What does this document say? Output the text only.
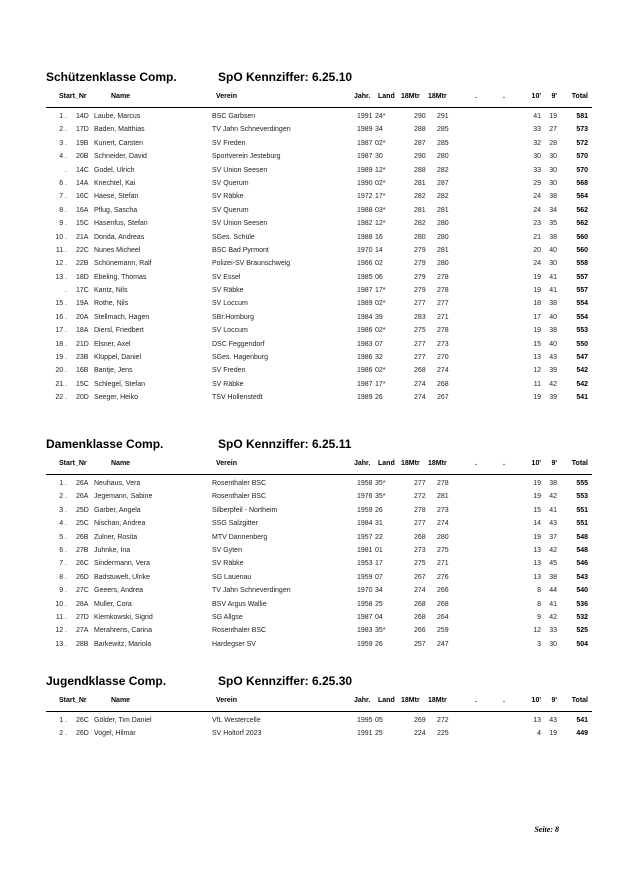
Schützenklasse Comp.	SpO Kennziffer: 6.25.10
Start_Nr	Name	Verein	Jahr. Land 18Mtr 18Mtr	.	.	10' 9' Total
1 . 14D Laube, Marcus	BSC Garbsen	1991 24*	290 291	41 19	581
2 . 17D Baden, Matthias	TV Jahn Schneverdingen	1989 34	288 285	33 27	573
3 . 19B Kunert, Carsten	SV Freden	1987 02*	287 285	32 28	572
4 . 20B Schneider, David	Sportverein Jesteburg	1987 30	290 280	30 30	570
. 14C Godel, Ulrich	SV Union Seesen	1989 12*	288 282	33 30	570
6 . 14A Knechtel, Kai	SV Querum	1990 02*	281 287	29 30	568
7 . 16C Haese, Stefan	SV Räbke	1972 17*	282 282	24 38	564
8 . 16A Pflug, Sascha	SV Querum	1988 03*	281 281	24 34	562
9 . 15C Hasenfus, Stefan	SV Union Seesen	1982 12*	282 280	23 35	562
10 . 21A Donda, Andreas	SGes. Schüle	1988 16	280 280	21 38	560
11 . 22C Nunes Micheel	BSC Bad Pyrmont	1970 14	279 281	20 40	560
12 . 22B Schünemann, Ralf	Polizei-SV Braunschweig	1966 02	279 280	24 30	558
13 . 18D Ebeling, Thomas	SV Essel	1985 06	279 278	19 41	557
. 17C Kantz, Nils	SV Räbke	1987 17*	279 278	19 41	557
15 . 19A Rothe, Nils	SV Loccum	1989 02*	277 277	18 38	554
16 . 20A Stellmach, Hagen	SBr.Homburg	1984 39	283 271	17 40	554
17 . 18A Diersl, Friedbert	SV Loccum	1986 02*	275 278	19 38	553
18 . 21D Elsner, Axel	DSC Feggendorf	1983 07	277 273	15 40	550
19 . 23B Klüppel, Daniel	SGes. Hagenburg	1986 32	277 270	13 43	547
20 . 16B Bantje, Jens	SV Freden	1986 02*	268 274	12 39	542
21 . 15C Schlegel, Stefan	SV Räbke	1987 17*	274 268	11 42	542
22 . 20D Seeger, Heiko	TSV Hollenstedt	1989 26	274 267	19 39	541
Damenklasse Comp.	SpO Kennziffer: 6.25.11
Start_Nr	Name	Verein	Jahr. Land 18Mtr 18Mtr	.	.	10' 9' Total
1 . 26A Neuhaus, Vera	Rosenthaler BSC	1958 35*	277 278	19 38	555
2 . 26A Jegemann, Sabine	Rosenthaler BSC	1976 35*	272 281	19 42	553
3 . 25D Garber, Angela	Silberpfeil - Northeim	1959 26	278 273	15 41	551
4 . 25C Nischan, Andrea	SSG Salzgitter	1984 31	277 274	14 43	551
5 . 26B Zulner, Rosita	MTV Dannenberg	1957 22	268 280	19 37	548
6 . 27B Juhnke, Ina	SV Gyten	1981 01	273 275	13 42	548
7 . 26C Sindermann, Vera	SV Räbke	1953 17	275 271	13 45	546
8 . 26D Badstuwelt, Ulrike	SG Lauenau	1959 07	267 276	13 38	543
9 . 27C Geeers, Andrea	TV Jahn Schneverdingen	1970 34	274 266	8 44	540
10 . 28A Muller, Cora	BSV Argus Wallie	1958 25	268 268	8 41	536
11 . 27D Kiemkowski, Sigrid	SG Allgse	1987 04	268 264	9 42	532
12 . 27A Merahrens, Carina	Rosenthaler BSC	1983 35*	266 259	12 33	525
13 . 28B Barkewitz, Mariola	Hardegser SV	1959 26	257 247	3 30	504
Jugendklasse Comp.	SpO Kennziffer: 6.25.30
Start_Nr	Name	Verein	Jahr. Land 18Mtr 18Mtr	.	.	10' 9' Total
1 . 26C Gölder, Tim Daniel	VfL Westercelle	1995 05	269 272	13 43	541
2 . 26D Vogel, Hilmar	SV Holtorf 2023	1991 25	224 225	4 19	449
Seite: 8
